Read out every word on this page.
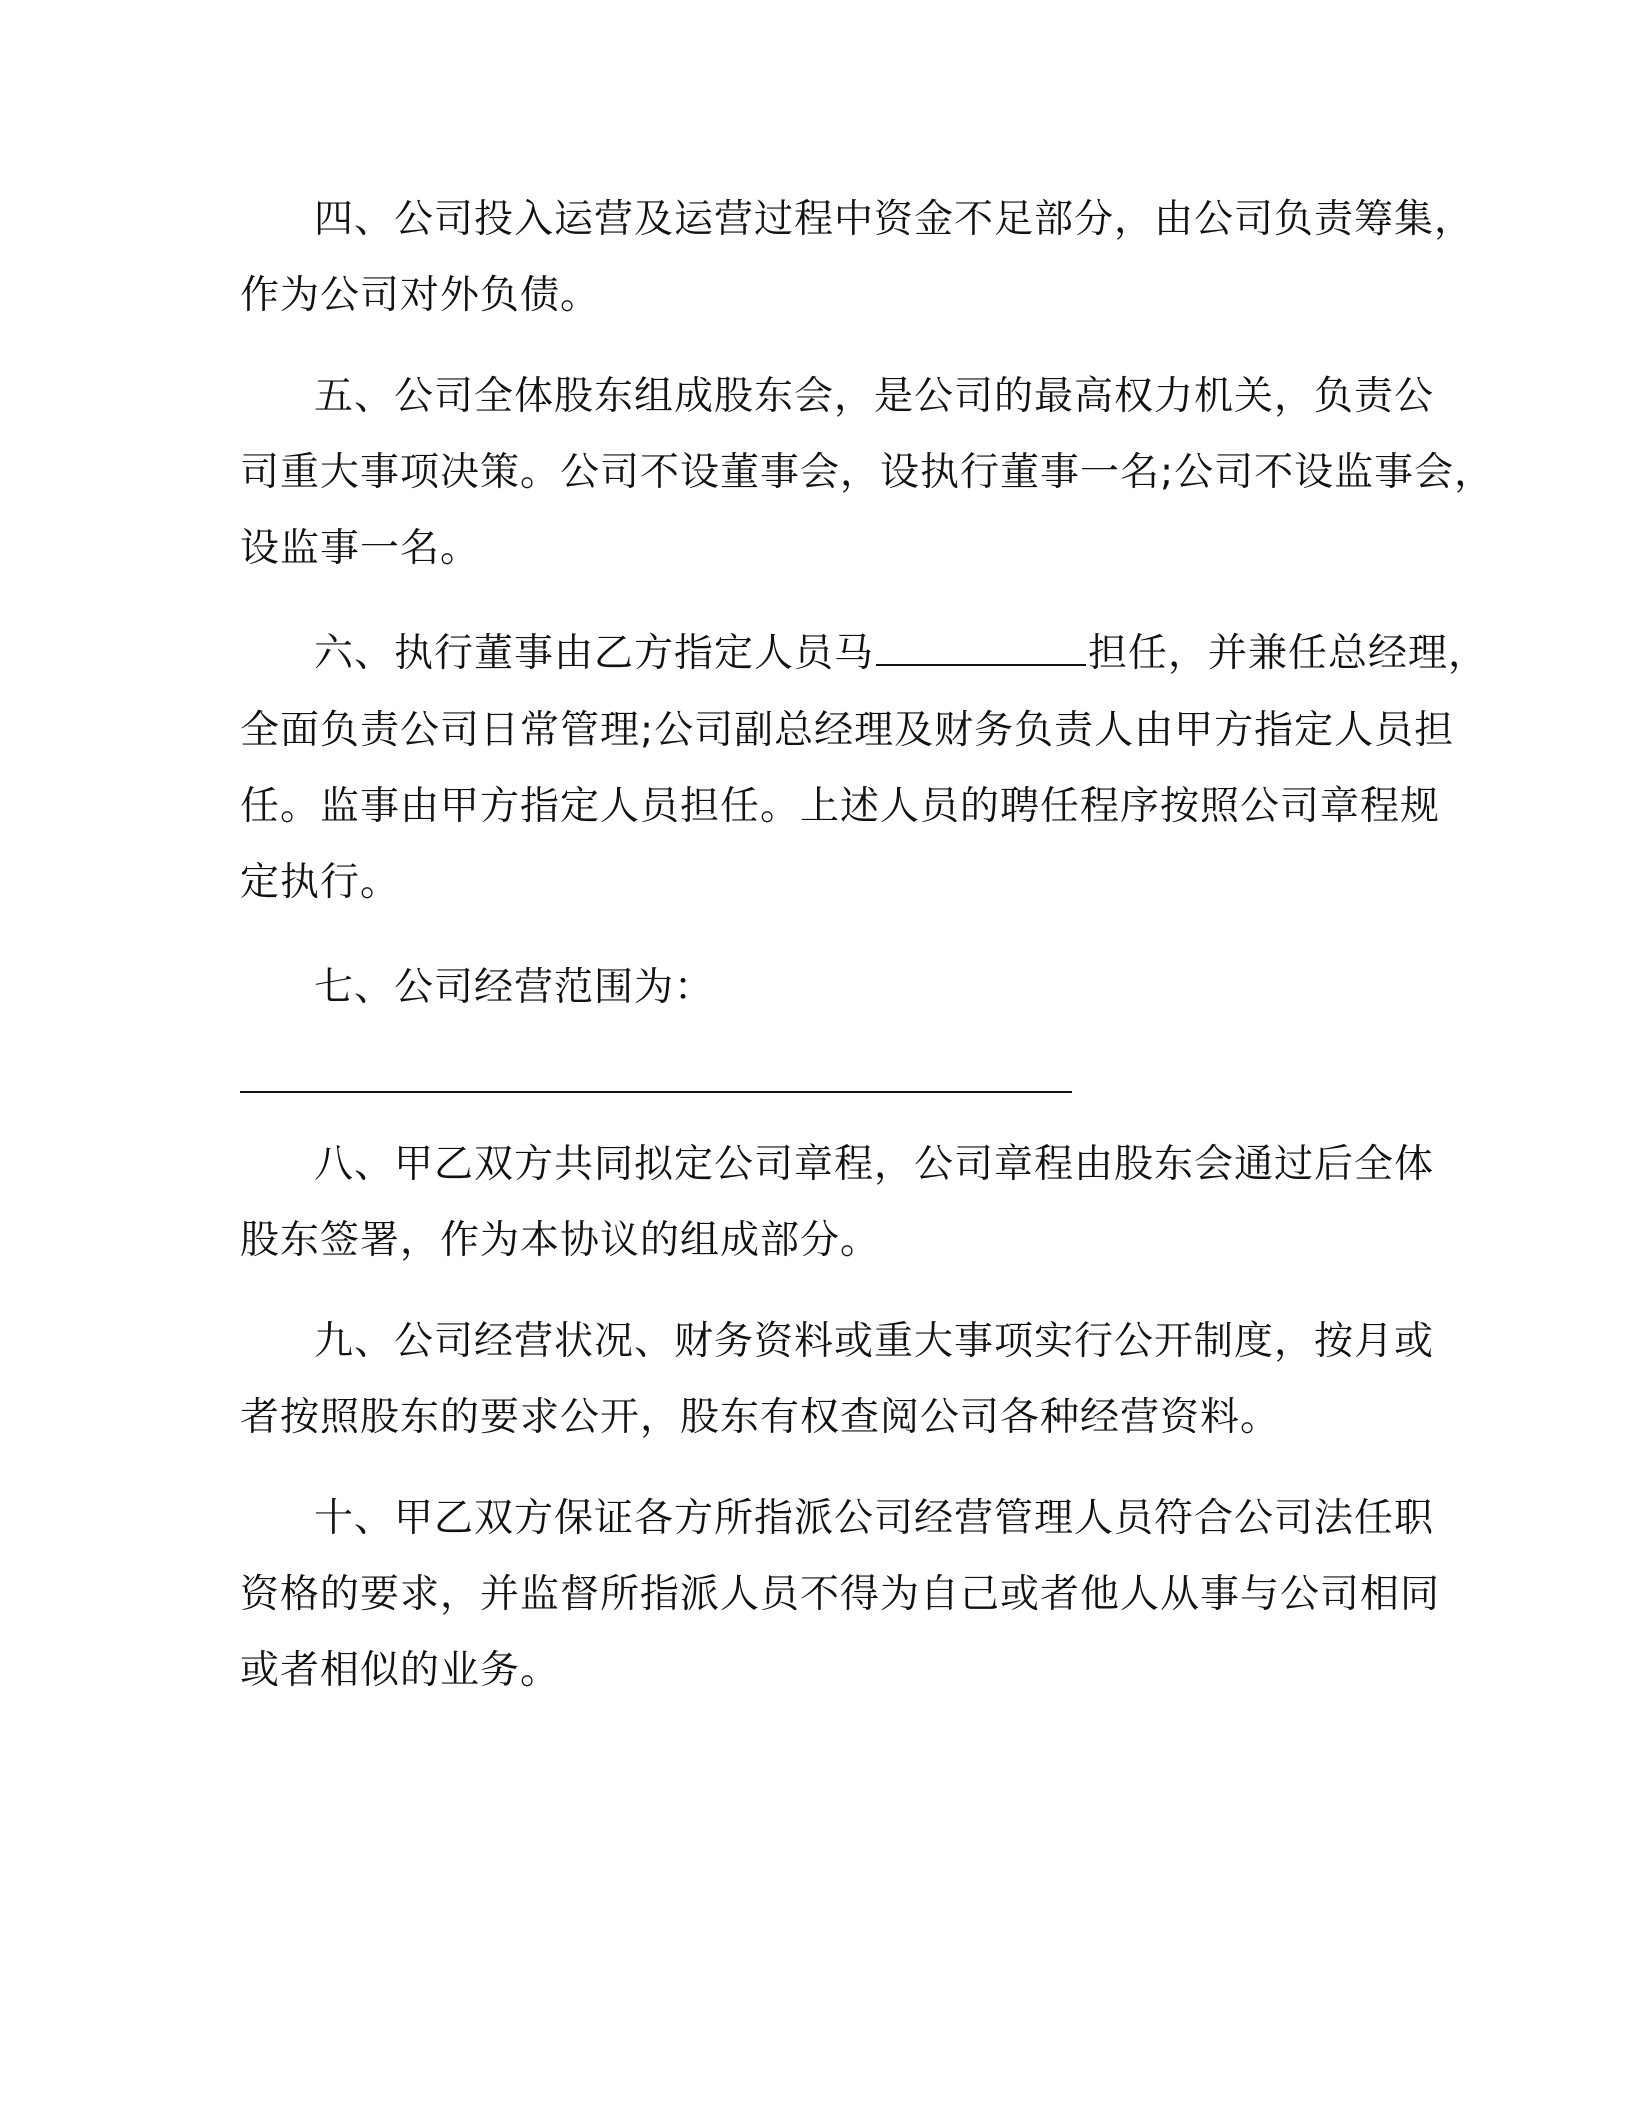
四、公司投入运营及运营过程中资金不足部分，由公司负责筹集，

作为公司对外负债。

五、公司全体股东组成股东会，是公司的最高权力机关，负责公

司重大事项决策。公司不设董事会，设执行董事一名;公司不设监事会，

设监事一名。

六、执行董事由乙方指定人员马	担任，并兼任总经理，

全面负责公司日常管理;公司副总经理及财务负责人由甲方指定人员担

任。监事由甲方指定人员担任。上述人员的聘任程序按照公司章程规

定执行。

七、公司经营范围为：

八、甲乙双方共同拟定公司章程，公司章程由股东会通过后全体

股东签署，作为本协议的组成部分。

九、公司经营状况、财务资料或重大事项实行公开制度，按月或

者按照股东的要求公开，股东有权查阅公司各种经营资料。

十、甲乙双方保证各方所指派公司经营管理人员符合公司法任职

资格的要求，并监督所指派人员不得为自己或者他人从事与公司相同

或者相似的业务。
